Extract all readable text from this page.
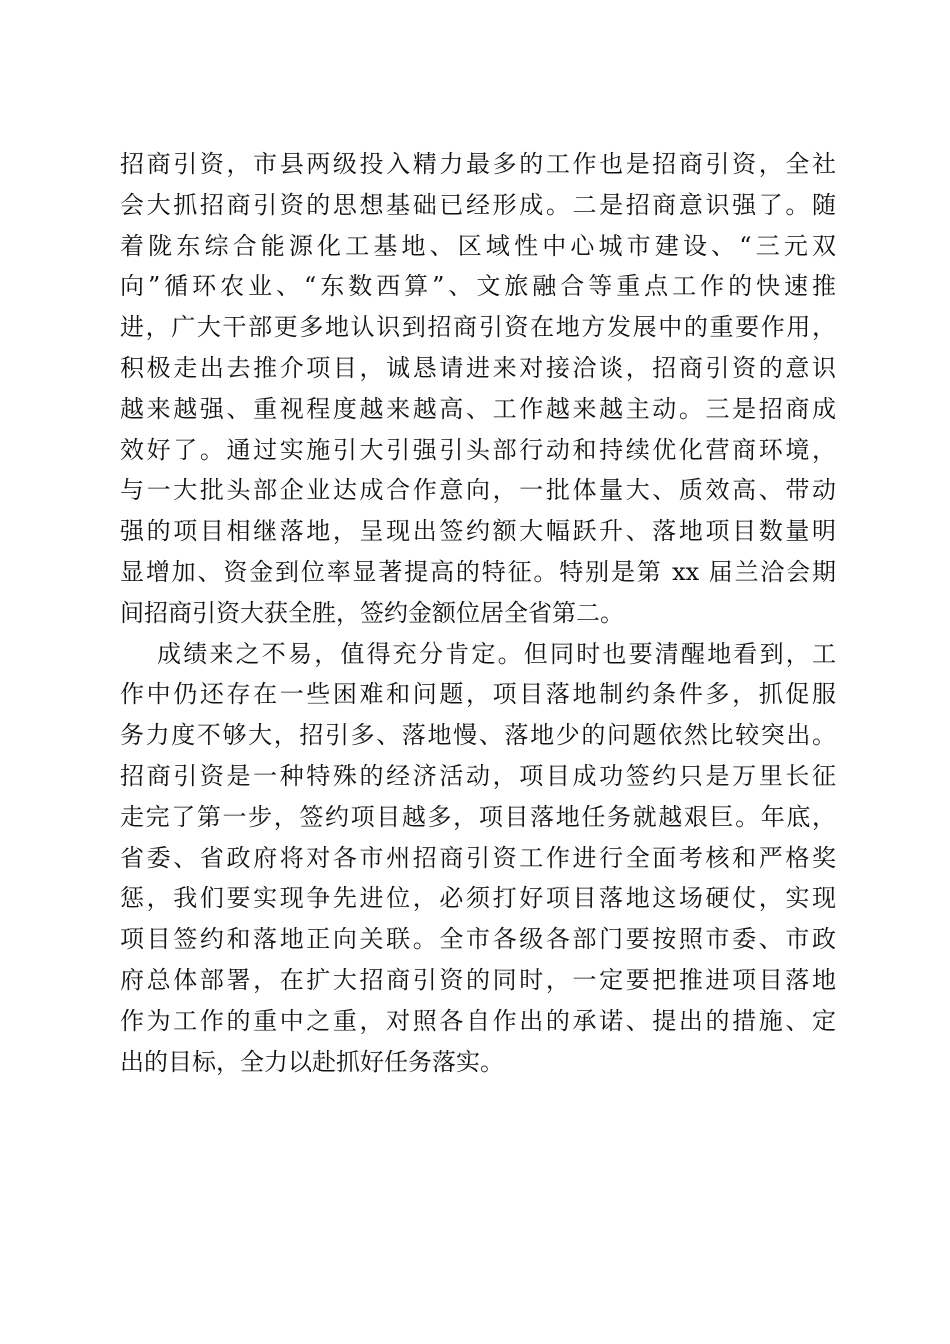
招商引资，市县两级投入精力最多的工作也是招商引资，全社
会大抓招商引资的思想基础已经形成。二是招商意识强了。随
着陇东综合能源化工基地、区域性中心城市建设、“三元双
向”循环农业、“东数西算”、文旅融合等重点工作的快速推
进，广大干部更多地认识到招商引资在地方发展中的重要作用，
积极走出去推介项目，诚恳请进来对接洽谈，招商引资的意识
越来越强、重视程度越来越高、工作越来越主动。三是招商成
效好了。通过实施引大引强引头部行动和持续优化营商环境，
与一大批头部企业达成合作意向，一批体量大、质效高、带动
强的项目相继落地，呈现出签约额大幅跃升、落地项目数量明
显增加、资金到位率显著提高的特征。特别是第 xx 届兰洽会期
间招商引资大获全胜，签约金额位居全省第二。
成绩来之不易，值得充分肯定。但同时也要清醒地看到，工
作中仍还存在一些困难和问题，项目落地制约条件多，抓促服
务力度不够大，招引多、落地慢、落地少的问题依然比较突出。
招商引资是一种特殊的经济活动，项目成功签约只是万里长征
走完了第一步，签约项目越多，项目落地任务就越艰巨。年底，
省委、省政府将对各市州招商引资工作进行全面考核和严格奖
惩，我们要实现争先进位，必须打好项目落地这场硬仗，实现
项目签约和落地正向关联。全市各级各部门要按照市委、市政
府总体部署，在扩大招商引资的同时，一定要把推进项目落地
作为工作的重中之重，对照各自作出的承诺、提出的措施、定
出的目标，全力以赴抓好任务落实。
